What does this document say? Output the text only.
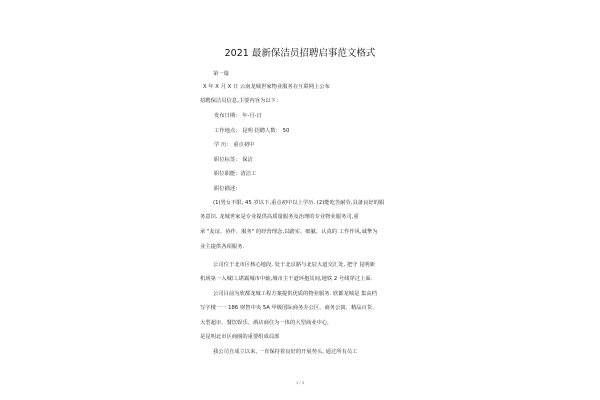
2021 最新保洁员招聘启事范文格式
第一篇
X 年 X 月 X 日 云南龙城世家物业服务在互联网上公布
招聘保洁员信息,主要内容为以下：
发布日期： 年-月-日
工作地点： 昆明 招聘人数： 50
学 历： 重点初中
职位标签： 保洁
职位职能：清洁工
职位描述：
(1)男女不限, 45 岁以下,重点初中以上学历. (2)能吃苦耐劳,具备良好的服
务意识. 龙城世家是专业提供高质量服务及治理的专业物业服务司,重
承 "友谊、协作、服务" 的经营理念,以踏实、细腻、认真的 工作作风,诚挚为
业主提供各项服务.
公司位于北市区核心地段, 处于北京路与北辰大道交汇处, 把守 昆明新
机场第一入城口,堪霸城市中轴,城市主干道环抱其间,地铁 2 号线穿过上面.
公司目前为欣都龙城工程方案提供优质的物业服务. 欣都龙城是 集高档
写字楼一一 186 财智中央 5A 甲级国际商务办公区、商务公寓、精品百货、
大型超市、餐饮娱乐、酒店商住为一体的大型商业中心,
是昆明北市区商圈的重要组成局部
我公司自成立以来, 一直保持着良好的开展势头, 通过所有员工
1 / 3
